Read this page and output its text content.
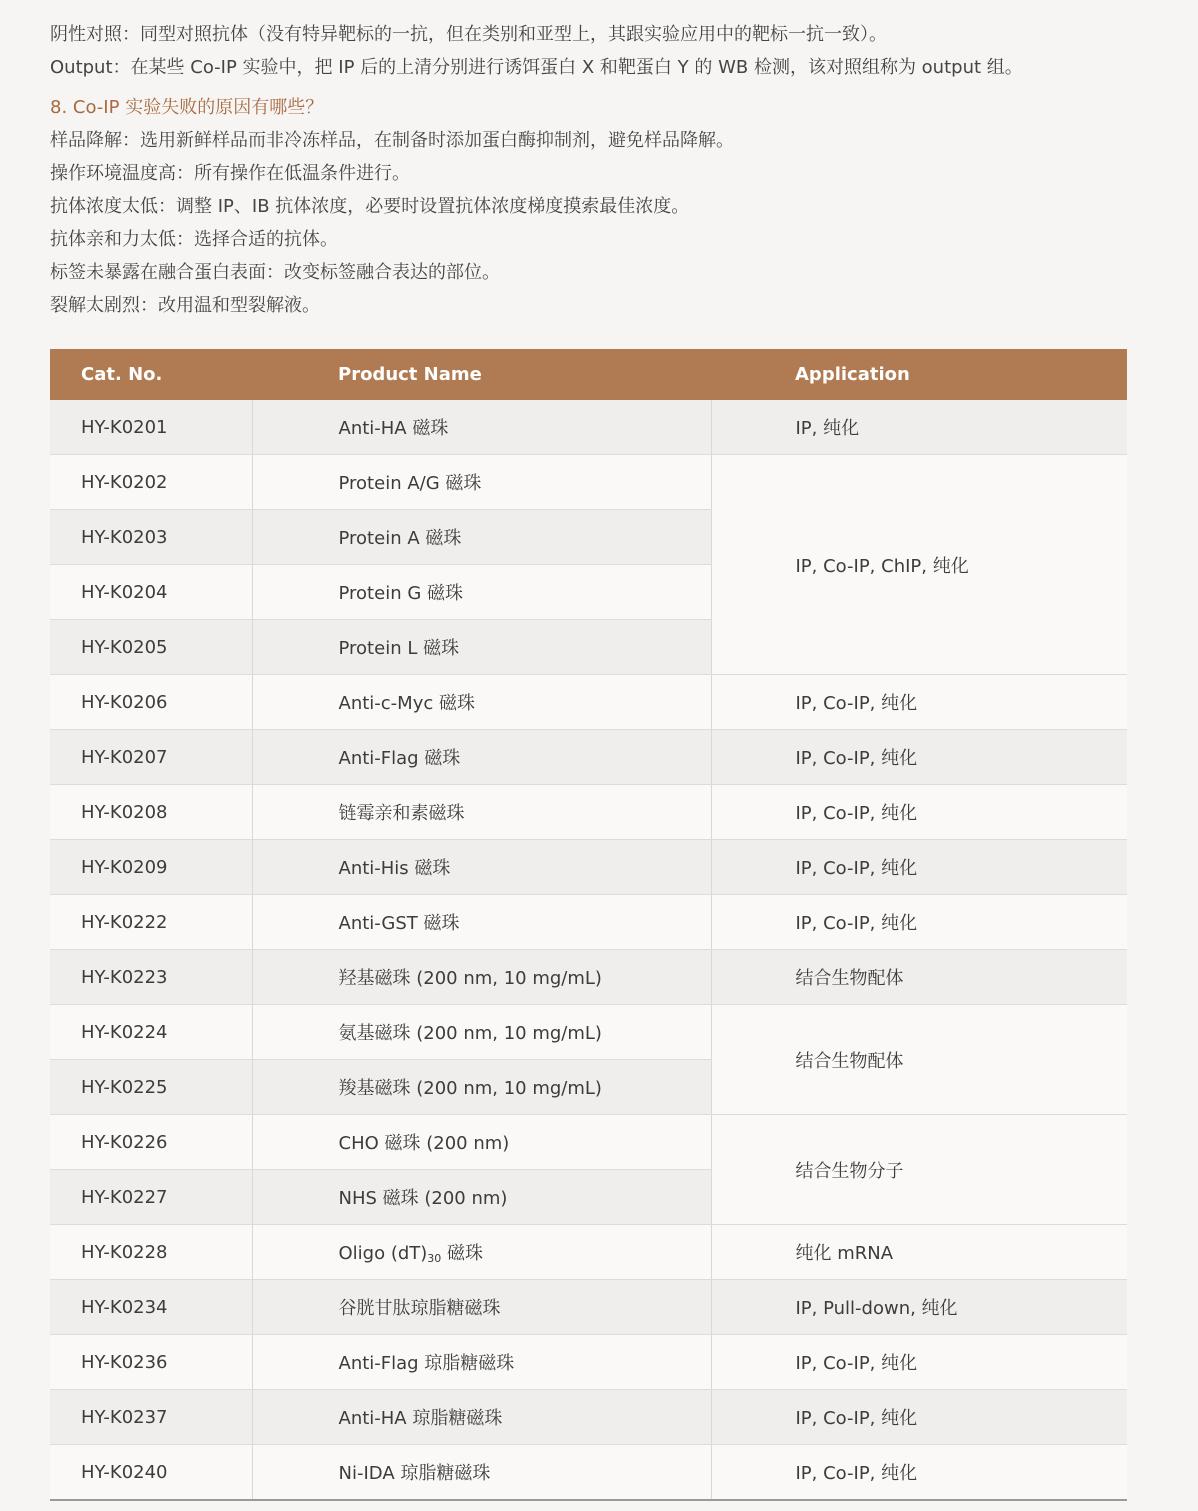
阴性对照：同型对照抗体（没有特异靶标的一抗，但在类别和亚型上，其跟实验应用中的靶标一抗一致）。
Output：在某些 Co-IP 实验中，把 IP 后的上清分别进行诱饵蛋白 X 和靶蛋白 Y 的 WB 检测，该对照组称为 output 组。
8. Co-IP 实验失败的原因有哪些？
样品降解：选用新鲜样品而非冷冻样品，在制备时添加蛋白酶抑制剂，避免样品降解。
操作环境温度高：所有操作在低温条件进行。
抗体浓度太低：调整 IP、IB 抗体浓度，必要时设置抗体浓度梯度摸索最佳浓度。
抗体亲和力太低：选择合适的抗体。
标签未暴露在融合蛋白表面：改变标签融合表达的部位。
裂解太剧烈：改用温和型裂解液。
Cat. No.	Product Name	Application
HY-K0201	Anti-HA 磁珠	IP, 纯化
HY-K0202	Protein A/G 磁珠	IP, Co-IP, ChIP, 纯化
HY-K0203	Protein A 磁珠	
HY-K0204	Protein G 磁珠	
HY-K0205	Protein L 磁珠	
HY-K0206	Anti-c-Myc 磁珠	IP, Co-IP, 纯化
HY-K0207	Anti-Flag 磁珠	IP, Co-IP, 纯化
HY-K0208	链霉亲和素磁珠	IP, Co-IP, 纯化
HY-K0209	Anti-His 磁珠	IP, Co-IP, 纯化
HY-K0222	Anti-GST 磁珠	IP, Co-IP, 纯化
HY-K0223	羟基磁珠 (200 nm, 10 mg/mL)	结合生物配体
HY-K0224	氨基磁珠 (200 nm, 10 mg/mL)	结合生物配体
HY-K0225	羧基磁珠 (200 nm, 10 mg/mL)	
HY-K0226	CHO 磁珠 (200 nm)	结合生物分子
HY-K0227	NHS 磁珠 (200 nm)	
HY-K0228	Oligo $(dT)_{30}$ 磁珠	纯化 mRNA
HY-K0234	谷胱甘肽琼脂糖磁珠	IP, Pull-down, 纯化
HY-K0236	Anti-Flag 琼脂糖磁珠	IP, Co-IP, 纯化
HY-K0237	Anti-HA 琼脂糖磁珠	IP, Co-IP, 纯化
HY-K0240	Ni-IDA 琼脂糖磁珠	IP, Co-IP, 纯化
